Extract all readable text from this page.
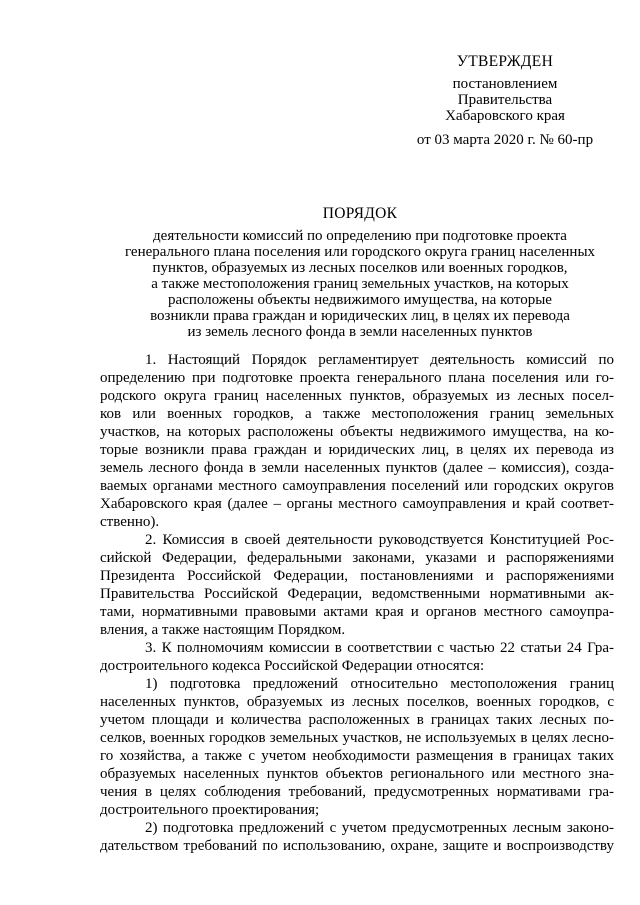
УТВЕРЖДЕН
постановлением
Правительства
Хабаровского края
от 03 марта 2020 г. № 60-пр
ПОРЯДОК
деятельности комиссий по определению при подготовке проекта
генерального плана поселения или городского округа границ населенных
пунктов, образуемых из лесных поселков или военных городков,
а также местоположения границ земельных участков, на которых
расположены объекты недвижимого имущества, на которые
возникли права граждан и юридических лиц, в целях их перевода
из земель лесного фонда в земли населенных пунктов
1. Настоящий Порядок регламентирует деятельность комиссий по
определению при подготовке проекта генерального плана поселения или го-
родского округа границ населенных пунктов, образуемых из лесных посел-
ков или военных городков, а также местоположения границ земельных
участков, на которых расположены объекты недвижимого имущества, на ко-
торые возникли права граждан и юридических лиц, в целях их перевода из
земель лесного фонда в земли населенных пунктов (далее – комиссия), созда-
ваемых органами местного самоуправления поселений или городских округов
Хабаровского края (далее – органы местного самоуправления и край соответ-
ственно).
2. Комиссия в своей деятельности руководствуется Конституцией Рос-
сийской Федерации, федеральными законами, указами и распоряжениями
Президента Российской Федерации, постановлениями и распоряжениями
Правительства Российской Федерации, ведомственными нормативными ак-
тами, нормативными правовыми актами края и органов местного самоупра-
вления, а также настоящим Порядком.
3. К полномочиям комиссии в соответствии с частью 22 статьи 24 Гра-
достроительного кодекса Российской Федерации относятся:
1) подготовка предложений относительно местоположения границ
населенных пунктов, образуемых из лесных поселков, военных городков, с
учетом площади и количества расположенных в границах таких лесных по-
селков, военных городков земельных участков, не используемых в целях лесно-
го хозяйства, а также с учетом необходимости размещения в границах таких
образуемых населенных пунктов объектов регионального или местного зна-
чения в целях соблюдения требований, предусмотренных нормативами гра-
достроительного проектирования;
2) подготовка предложений с учетом предусмотренных лесным законо-
дательством требований по использованию, охране, защите и воспроизводству
